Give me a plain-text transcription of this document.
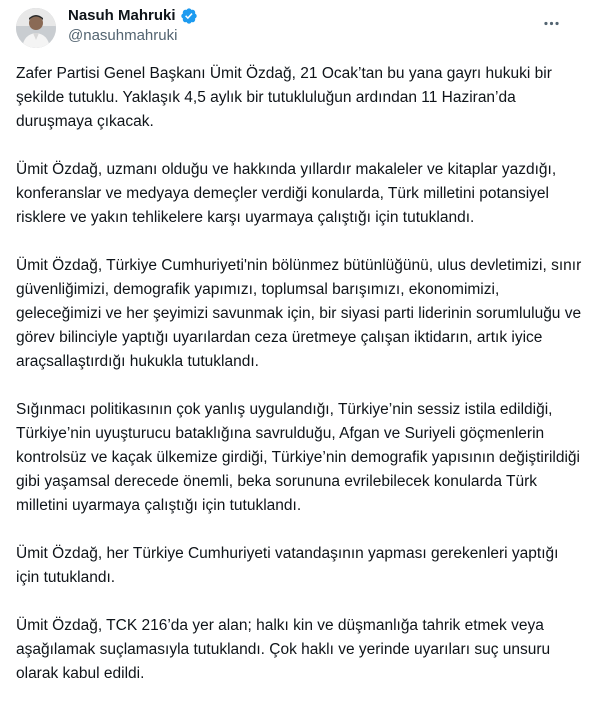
Nasuh Mahruki
@nasuhmahruki

Zafer Partisi Genel Başkanı Ümit Özdağ, 21 Ocak’tan bu yana gayrı hukuki bir şekilde tutuklu. Yaklaşık 4,5 aylık bir tutukluluğun ardından 11 Haziran’da duruşmaya çıkacak.

Ümit Özdağ, uzmanı olduğu ve hakkında yıllardır makaleler ve kitaplar yazdığı, konferanslar ve medyaya demeçler verdiği konularda, Türk milletini potansiyel risklere ve yakın tehlikelere karşı uyarmaya çalıştığı için tutuklandı.

Ümit Özdağ, Türkiye Cumhuriyeti'nin bölünmez bütünlüğünü, ulus devletimizi, sınır güvenliğimizi, demografik yapımızı, toplumsal barışımızı, ekonomimizi, geleceğimizi ve her şeyimizi savunmak için, bir siyasi parti liderinin sorumluluğu ve görev bilinciyle yaptığı uyarılardan ceza üretmeye çalışan iktidarın, artık iyice araçsallaştırdığı hukukla tutuklandı.

Sığınmacı politikasının çok yanlış uygulandığı, Türkiye’nin sessiz istila edildiği, Türkiye’nin uyuşturucu bataklığına savrulduğu, Afgan ve Suriyeli göçmenlerin kontrolsüz ve kaçak ülkemize girdiği, Türkiye’nin demografik yapısının değiştirildiği gibi yaşamsal derecede önemli, beka sorununa evrilebilecek konularda Türk milletini uyarmaya çalıştığı için tutuklandı.

Ümit Özdağ, her Türkiye Cumhuriyeti vatandaşının yapması gerekenleri yaptığı için tutuklandı.

Ümit Özdağ, TCK 216’da yer alan; halkı kin ve düşmanlığa tahrik etmek veya aşağılamak suçlamasıyla tutuklandı. Çok haklı ve yerinde uyarıları suç unsuru olarak kabul edildi.
